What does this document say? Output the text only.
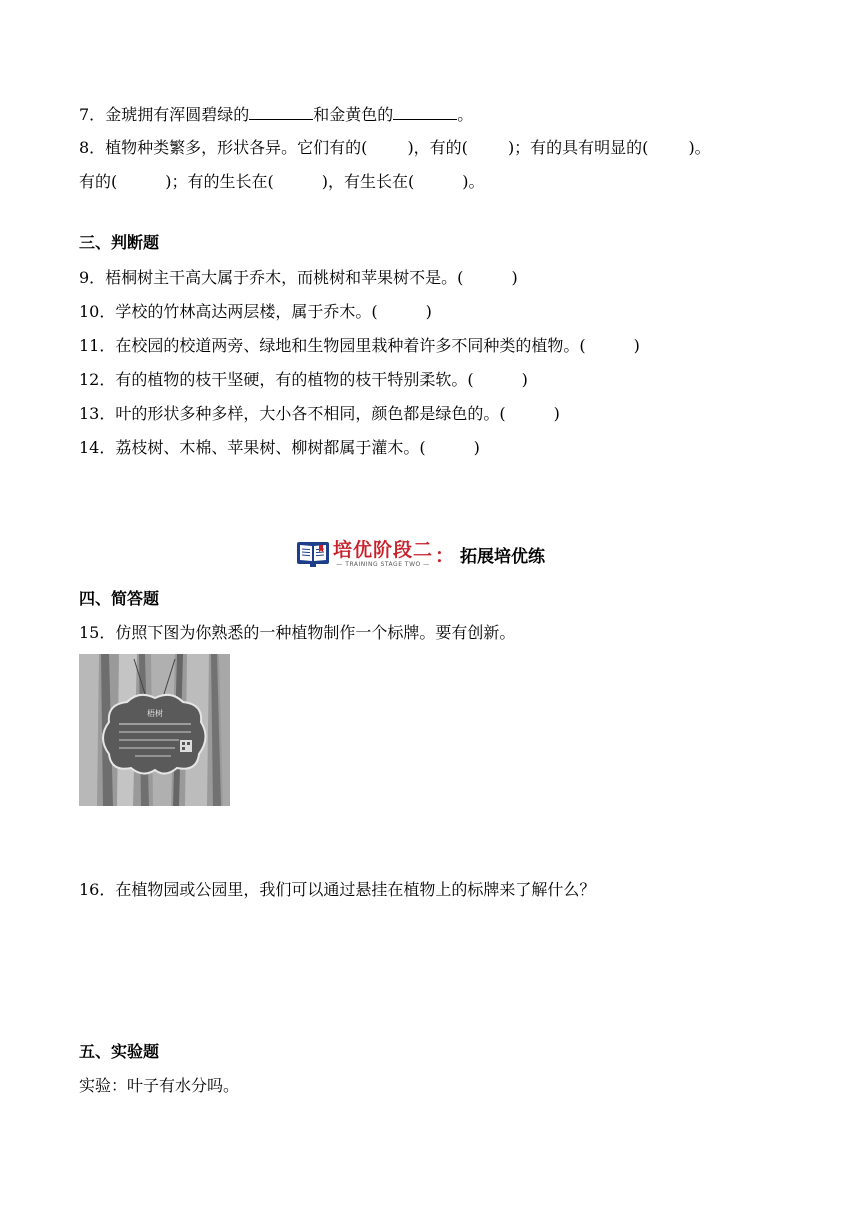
7．金琥拥有浑圆碧绿的	和金黄色的	。
8．植物种类繁多，形状各异。它们有的(	)，有的(	)；有的具有明显的(	)。
有的(	)；有的生长在(	)，有生长在(	)。
三、判断题
9．梧桐树主干高大属于乔木，而桃树和苹果树不是。(	)
10．学校的竹林高达两层楼，属于乔木。(	)
11．在校园的校道两旁、绿地和生物园里栽种着许多不同种类的植物。(	)
12．有的植物的枝干坚硬，有的植物的枝干特别柔软。(	)
13．叶的形状多种多样，大小各不相同，颜色都是绿色的。(	)
14．荔枝树、木棉、苹果树、柳树都属于灌木。(	)
培优阶段二
— TRAINING STAGE TWO — ： 拓展培优练
四、简答题
15．仿照下图为你熟悉的一种植物制作一个标牌。要有创新。
梧树
16．在植物园或公园里，我们可以通过悬挂在植物上的标牌来了解什么？
五、实验题
实验：叶子有水分吗。
